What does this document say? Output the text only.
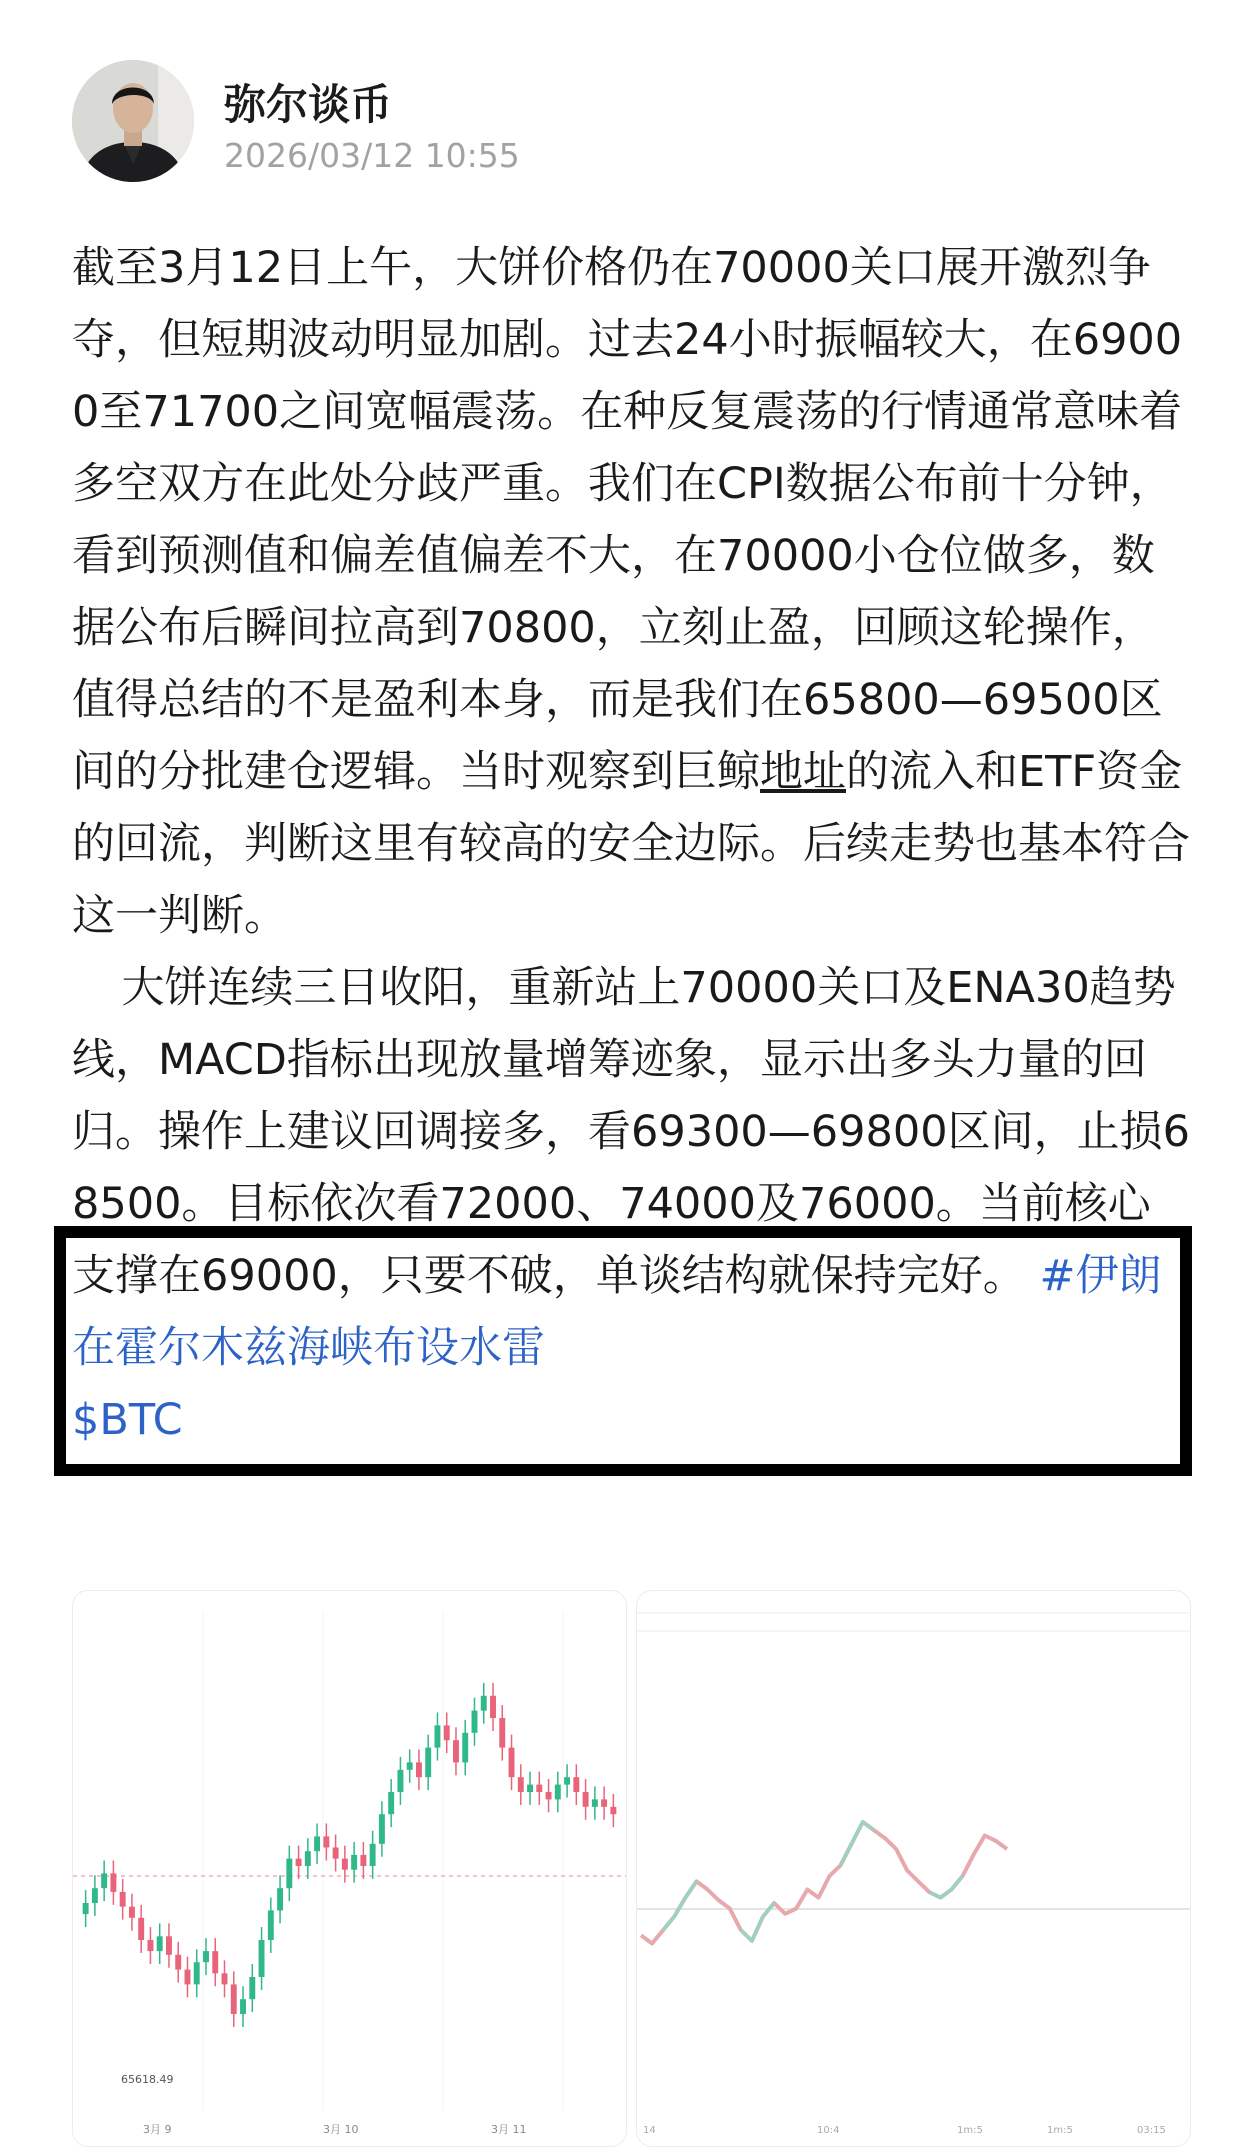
弥尔谈币
2026/03/12 10:55

截至3月12日上午，大饼价格仍在70000关口展开激烈争夺，但短期波动明显加剧。过去24小时振幅较大，在69000至71700之间宽幅震荡。在种反复震荡的行情通常意味着多空双方在此处分歧严重。我们在CPI数据公布前十分钟，看到预测值和偏差值偏差不大，在70000小仓位做多，数据公布后瞬间拉高到70800，立刻止盈，回顾这轮操作，值得总结的不是盈利本身，而是我们在65800—69500区间的分批建仓逻辑。当时观察到巨鲸地址的流入和ETF资金的回流，判断这里有较高的安全边际。后续走势也基本符合这一判断。

大饼连续三日收阳，重新站上70000关口及ENA30趋势线，MACD指标出现放量增筹迹象，显示出多头力量的回归。操作上建议回调接多，看69300—69800区间，止损68500。目标依次看72000、74000及76000。当前核心支撑在69000，只要不破，单谈结构就保持完好。 #伊朗在霍尔木兹海峡布设水雷
$BTC

65618.49
3月 9	3月 10	3月 11	14	10:4	1m:5	1m:5	03:15
